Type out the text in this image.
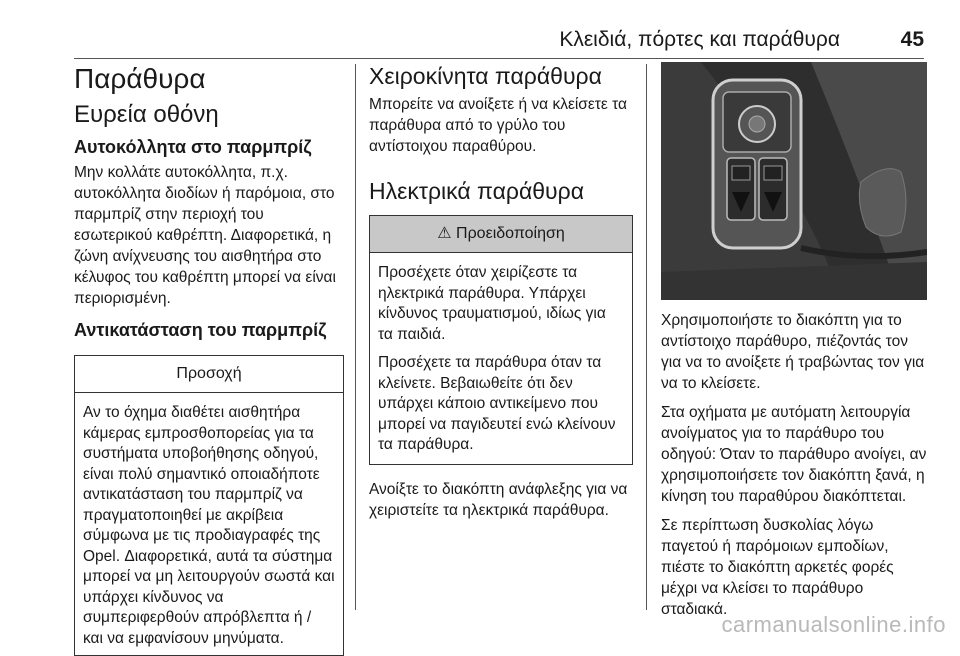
Κλειδιά, πόρτες και παράθυρα	45
Παράθυρα
Ευρεία οθόνη
Αυτοκόλλητα στο παρμπρίζ

Μην κολλάτε αυτοκόλλητα, π.χ. αυτοκόλλητα διοδίων ή παρόμοια, στο παρμπρίζ στην περιοχή του εσωτερικού καθρέπτη. Διαφορετικά, η ζώνη ανίχνευσης του αισθητήρα στο κέλυφος του καθρέπτη μπορεί να είναι περιορισμένη.

Αντικατάσταση του παρμπρίζ
Προσοχή

Αν το όχημα διαθέτει αισθητήρα κάμερας εμπροσθοπορείας για τα συστήματα υποβοήθησης οδηγού, είναι πολύ σημαντικό οποιαδήποτε αντικατάσταση του παρμπρίζ να πραγματοποιηθεί με ακρίβεια σύμφωνα με τις προδιαγραφές της Opel. Διαφορετικά, αυτά τα σύστημα μπορεί να μη λειτουργούν σωστά και υπάρχει κίνδυνος να συμπεριφερθούν απρόβλεπτα ή / και να εμφανίσουν μηνύματα.

Χειροκίνητα παράθυρα

Μπορείτε να ανοίξετε ή να κλείσετε τα παράθυρα από το γρύλο του αντίστοιχου παραθύρου.

Ηλεκτρικά παράθυρα
⚠ Προειδοποίηση

Προσέχετε όταν χειρίζεστε τα ηλεκτρικά παράθυρα. Υπάρχει κίνδυνος τραυματισμού, ιδίως για τα παιδιά.

Προσέχετε τα παράθυρα όταν τα κλείνετε. Βεβαιωθείτε ότι δεν υπάρχει κάποιο αντικείμενο που μπορεί να παγιδευτεί ενώ κλείνουν τα παράθυρα.

Ανοίξτε το διακόπτη ανάφλεξης για να χειριστείτε τα ηλεκτρικά παράθυρα.

Χρησιμοποιήστε το διακόπτη για το αντίστοιχο παράθυρο, πιέζοντάς τον για να το ανοίξετε ή τραβώντας τον για να το κλείσετε.

Στα οχήματα με αυτόματη λειτουργία ανοίγματος για το παράθυρο του οδηγού: Όταν το παράθυρο ανοίγει, αν χρησιμοποιήσετε τον διακόπτη ξανά, η κίνηση του παραθύρου διακόπτεται.

Σε περίπτωση δυσκολίας λόγω παγετού ή παρόμοιων εμποδίων, πιέστε το διακόπτη αρκετές φορές μέχρι να κλείσει το παράθυρο σταδιακά.

carmanualsonline.info
